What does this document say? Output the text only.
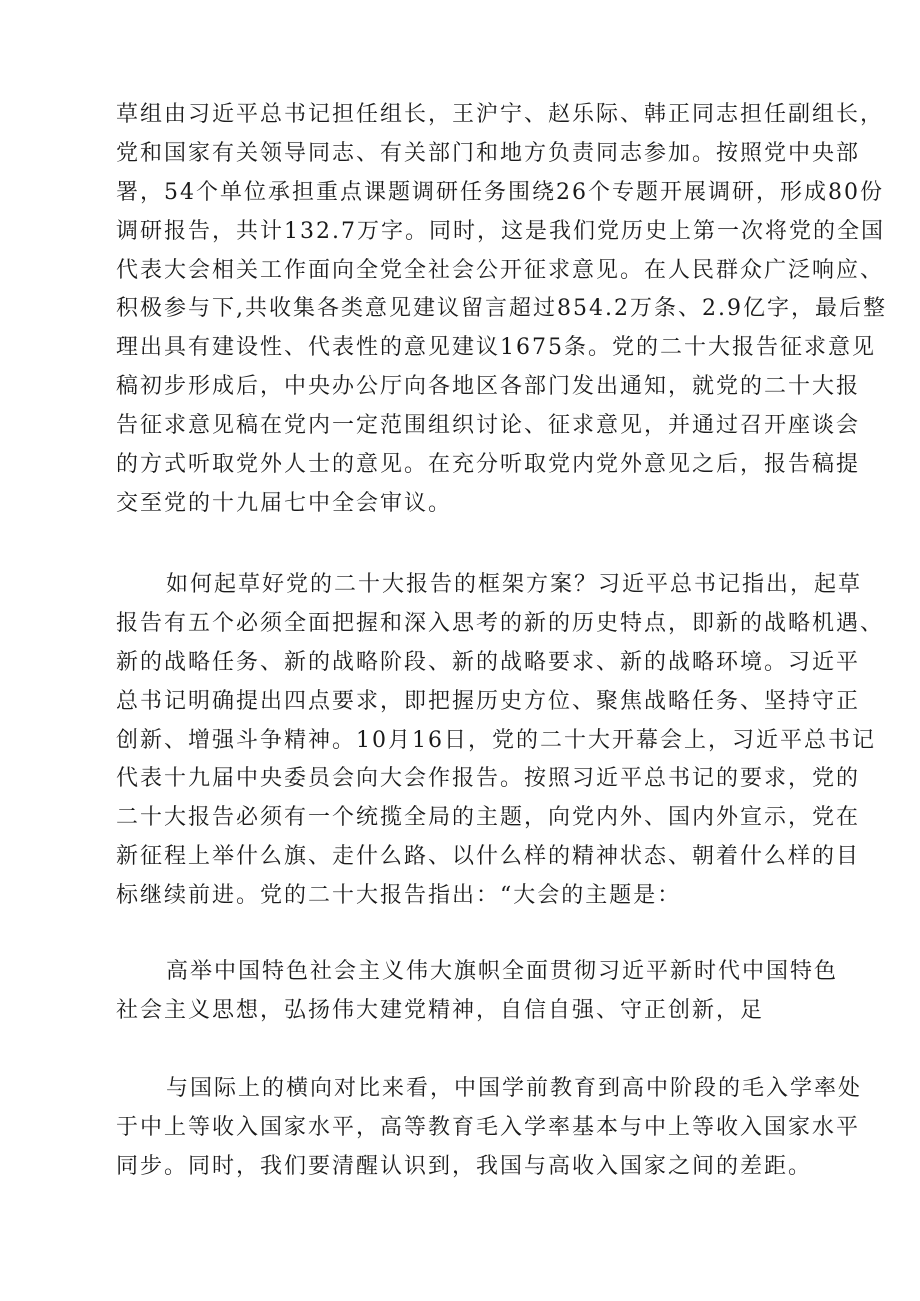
草组由习近平总书记担任组长，王沪宁、赵乐际、韩正同志担任副组长，
党和国家有关领导同志、有关部门和地方负责同志参加。按照党中央部
署，54个单位承担重点课题调研任务围绕26个专题开展调研，形成80份
调研报告，共计132.7万字。同时，这是我们党历史上第一次将党的全国
代表大会相关工作面向全党全社会公开征求意见。在人民群众广泛响应、
积极参与下,共收集各类意见建议留言超过854.2万条、2.9亿字，最后整
理出具有建设性、代表性的意见建议1675条。党的二十大报告征求意见
稿初步形成后，中央办公厅向各地区各部门发出通知，就党的二十大报
告征求意见稿在党内一定范围组织讨论、征求意见，并通过召开座谈会
的方式听取党外人士的意见。在充分听取党内党外意见之后，报告稿提
交至党的十九届七中全会审议。
如何起草好党的二十大报告的框架方案？习近平总书记指出，起草
报告有五个必须全面把握和深入思考的新的历史特点，即新的战略机遇、
新的战略任务、新的战略阶段、新的战略要求、新的战略环境。习近平
总书记明确提出四点要求，即把握历史方位、聚焦战略任务、坚持守正
创新、增强斗争精神。10月16日，党的二十大开幕会上，习近平总书记
代表十九届中央委员会向大会作报告。按照习近平总书记的要求，党的
二十大报告必须有一个统揽全局的主题，向党内外、国内外宣示，党在
新征程上举什么旗、走什么路、以什么样的精神状态、朝着什么样的目
标继续前进。党的二十大报告指出：“大会的主题是：
高举中国特色社会主义伟大旗帜全面贯彻习近平新时代中国特色
社会主义思想，弘扬伟大建党精神，自信自强、守正创新，足
与国际上的横向对比来看，中国学前教育到高中阶段的毛入学率处
于中上等收入国家水平，高等教育毛入学率基本与中上等收入国家水平
同步。同时，我们要清醒认识到，我国与高收入国家之间的差距。
